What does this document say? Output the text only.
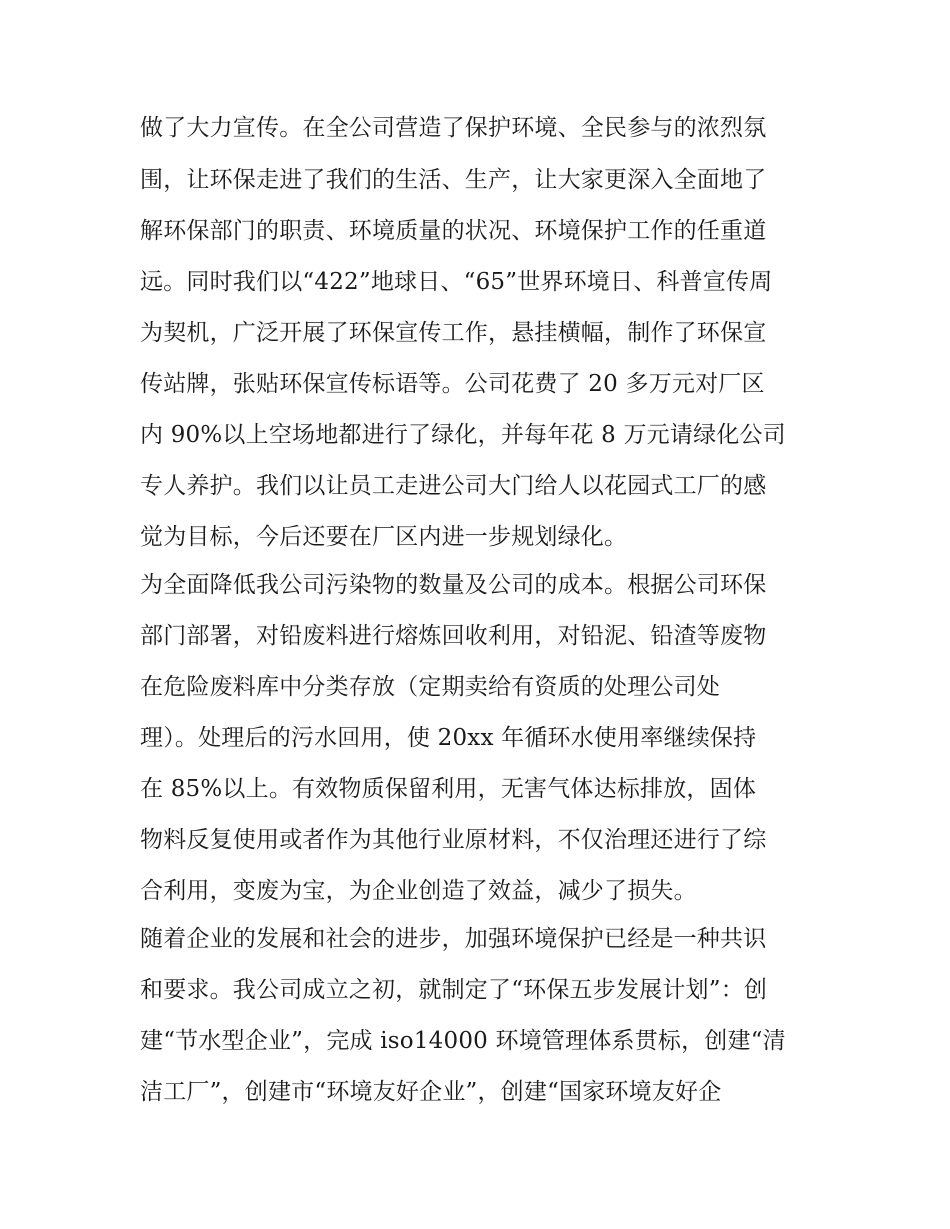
做了大力宣传。在全公司营造了保护环境、全民参与的浓烈氛
围，让环保走进了我们的生活、生产，让大家更深入全面地了
解环保部门的职责、环境质量的状况、环境保护工作的任重道
远。同时我们以“422”地球日、“65”世界环境日、科普宣传周
为契机，广泛开展了环保宣传工作，悬挂横幅，制作了环保宣
传站牌，张贴环保宣传标语等。公司花费了 20 多万元对厂区
内 90%以上空场地都进行了绿化，并每年花 8 万元请绿化公司
专人养护。我们以让员工走进公司大门给人以花园式工厂的感
觉为目标，今后还要在厂区内进一步规划绿化。
为全面降低我公司污染物的数量及公司的成本。根据公司环保
部门部署，对铅废料进行熔炼回收利用，对铅泥、铅渣等废物
在危险废料库中分类存放（定期卖给有资质的处理公司处
理）。处理后的污水回用，使 20xx 年循环水使用率继续保持
在 85%以上。有效物质保留利用，无害气体达标排放，固体
物料反复使用或者作为其他行业原材料，不仅治理还进行了综
合利用，变废为宝，为企业创造了效益，减少了损失。
随着企业的发展和社会的进步，加强环境保护已经是一种共识
和要求。我公司成立之初，就制定了“环保五步发展计划”：创
建“节水型企业”，完成 iso14000 环境管理体系贯标，创建“清
洁工厂”，创建市“环境友好企业”，创建“国家环境友好企
